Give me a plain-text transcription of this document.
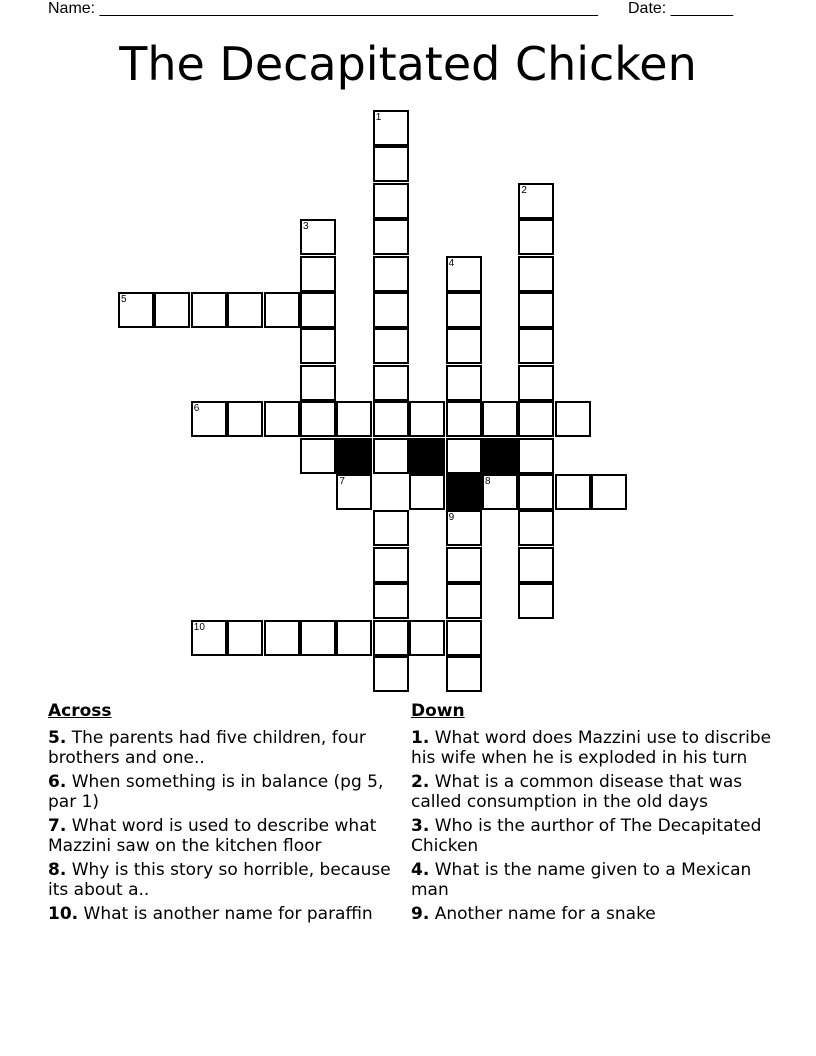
Name: ________________________________________________________ Date: _______
The Decapitated Chicken
1
2
3
4
5
6
7	8
9
10
Across
5. The parents had five children, four brothers and one..
6. When something is in balance (pg 5, par 1)
7. What word is used to describe what Mazzini saw on the kitchen floor
8. Why is this story so horrible, because its about a..
10. What is another name for paraffin
Down
1. What word does Mazzini use to discribe his wife when he is exploded in his turn
2. What is a common disease that was called consumption in the old days
3. Who is the aurthor of The Decapitated Chicken
4. What is the name given to a Mexican man
9. Another name for a snake
